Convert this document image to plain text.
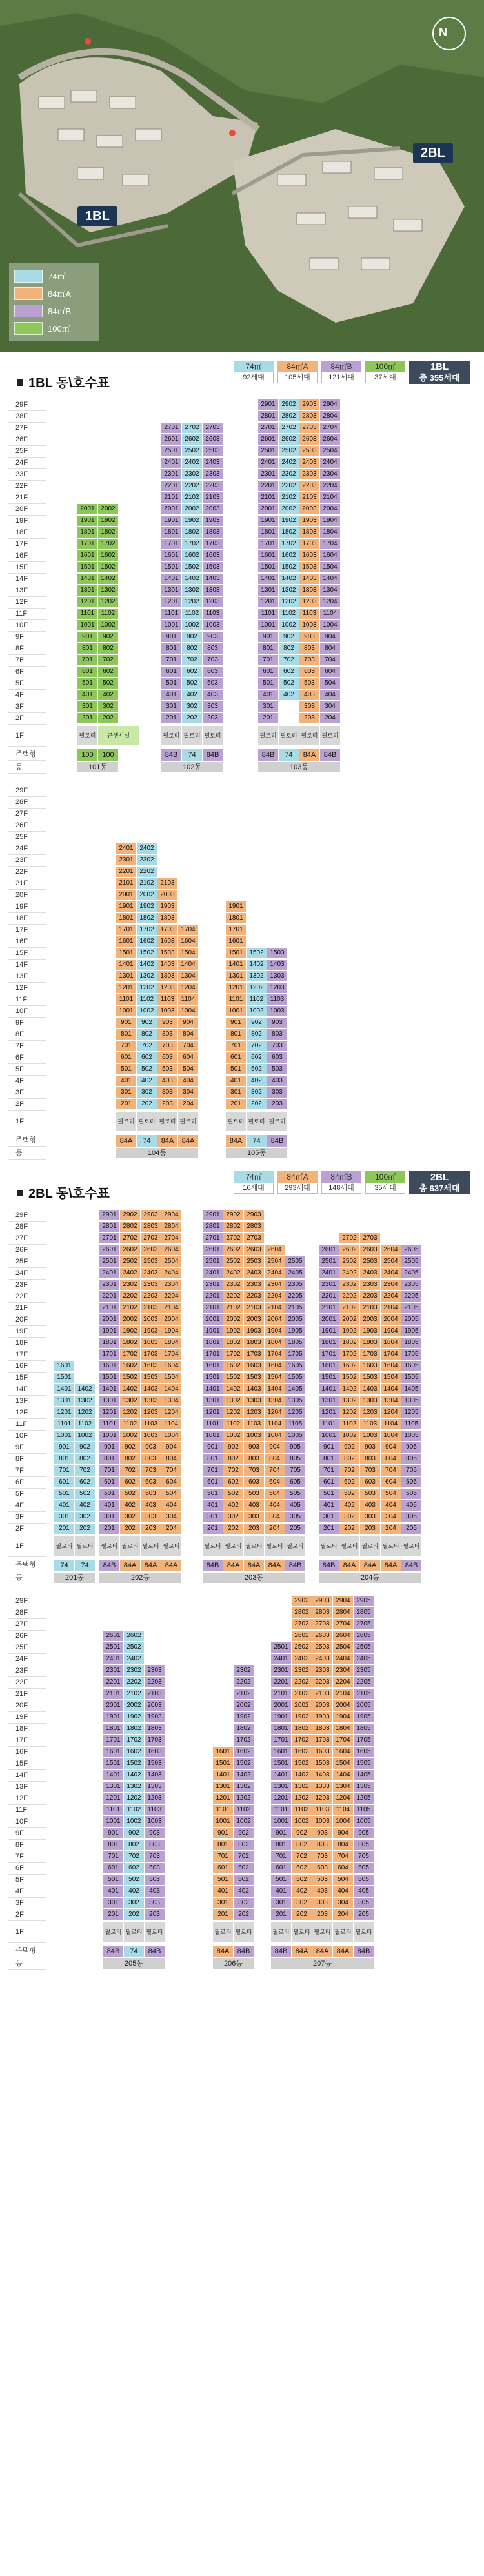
1BL
2BL
N
74㎡
84㎡A
84㎡B
100㎡
1BL 동\호수표
74㎡
92세대
84㎡A
105세대
84㎡B
121세대
100㎡
37세대
1BL
총 355세대
29F
28F
27F
26F
25F
24F
23F
22F
21F
20F
19F
18F
17F
16F
15F
14F
13F
12F
11F
10F
9F
8F
7F
6F
5F
4F
3F
2F
1F
주택형
동
2001
1901
1801
1701
1601
1501
1401
1301
1201
1101
1001
901
801
701
601
501
401
301
201
필로티
100
2002
1902
1802
1702
1602
1502
1402
1302
1202
1102
1002
902
802
702
602
502
402
302
202
근생시설
100
101동
2701
2601
2501
2401
2301
2201
2101
2001
1901
1801
1701
1601
1501
1401
1301
1201
1101
1001
901
801
701
601
501
401
301
201
필로티
84B
2702
2602
2502
2402
2302
2202
2102
2002
1902
1802
1702
1602
1502
1402
1302
1202
1102
1002
902
802
702
602
502
402
302
202
필로티
74
2703
2603
2503
2403
2303
2203
2103
2003
1903
1803
1703
1603
1503
1403
1303
1203
1103
1003
903
803
703
603
503
403
303
203
필로티
84B
102동
2901
2801
2701
2601
2501
2401
2301
2201
2101
2001
1901
1801
1701
1601
1501
1401
1301
1201
1101
1001
901
801
701
601
501
401
301
201
필로티
84B
2902
2802
2702
2602
2502
2402
2302
2202
2102
2002
1902
1802
1702
1602
1502
1402
1302
1202
1102
1002
902
802
702
602
502
402
필로티
74
2903
2803
2703
2603
2503
2403
2303
2203
2103
2003
1903
1803
1703
1603
1503
1403
1303
1203
1103
1003
903
803
703
603
503
403
303
203
필로티
84A
2904
2804
2704
2604
2504
2404
2304
2204
2104
2004
1904
1804
1704
1604
1504
1404
1304
1204
1104
1004
904
804
704
604
504
404
304
204
필로티
84B
103동
29F
28F
27F
26F
25F
24F
23F
22F
21F
20F
19F
18F
17F
16F
15F
14F
13F
12F
11F
10F
9F
8F
7F
6F
5F
4F
3F
2F
1F
주택형
동
2401
2301
2201
2101
2001
1901
1801
1701
1601
1501
1401
1301
1201
1101
1001
901
801
701
601
501
401
301
201
필로티
84A
2402
2302
2202
2102
2002
1902
1802
1702
1602
1502
1402
1302
1202
1102
1002
902
802
702
602
502
402
302
202
필로티
74
2103
2003
1903
1803
1703
1603
1503
1403
1303
1203
1103
1003
903
803
703
603
503
403
303
203
필로티
84A
1704
1604
1504
1404
1304
1204
1104
1004
904
804
704
604
504
404
304
204
필로티
84A
104동
1901
1801
1701
1601
1501
1401
1301
1201
1101
1001
901
801
701
601
501
401
301
201
필로티
84A
1502
1402
1302
1202
1102
1002
902
802
702
602
502
402
302
202
필로티
74
1503
1403
1303
1203
1103
1003
903
803
703
603
503
403
303
203
필로티
84B
105동
2BL 동\호수표
74㎡
16세대
84㎡A
293세대
84㎡B
148세대
100㎡
35세대
2BL
총 637세대
29F
28F
27F
26F
25F
24F
23F
22F
21F
20F
19F
18F
17F
16F
15F
14F
13F
12F
11F
10F
9F
8F
7F
6F
5F
4F
3F
2F
1F
주택형
동
1601
1501
1401
1301
1201
1101
1001
901
801
701
601
501
401
301
201
필로티
74
1402
1302
1202
1102
1002
902
802
702
602
502
402
302
202
필로티
74
201동
2901
2801
2701
2601
2501
2401
2301
2201
2101
2001
1901
1801
1701
1601
1501
1401
1301
1201
1101
1001
901
801
701
601
501
401
301
201
필로티
84B
2902
2802
2702
2602
2502
2402
2302
2202
2102
2002
1902
1802
1702
1602
1502
1402
1302
1202
1102
1002
902
802
702
602
502
402
302
202
필로티
84A
2903
2803
2703
2603
2503
2403
2303
2203
2103
2003
1903
1803
1703
1603
1503
1403
1303
1203
1103
1003
903
803
703
603
503
403
303
203
필로티
84A
2904
2804
2704
2604
2504
2404
2304
2204
2104
2004
1904
1804
1704
1604
1504
1404
1304
1204
1104
1004
904
804
704
604
504
404
304
204
필로티
84A
202동
2901
2801
2701
2601
2501
2401
2301
2201
2101
2001
1901
1801
1701
1601
1501
1401
1301
1201
1101
1001
901
801
701
601
501
401
301
201
필로티
84B
2902
2802
2702
2602
2502
2402
2302
2202
2102
2002
1902
1802
1702
1602
1502
1402
1302
1202
1102
1002
902
802
702
602
502
402
302
202
필로티
84A
2903
2803
2703
2603
2503
2403
2303
2203
2103
2003
1903
1803
1703
1603
1503
1403
1303
1203
1103
1003
903
803
703
603
503
403
303
203
필로티
84A
2604
2504
2404
2304
2204
2104
2004
1904
1804
1704
1604
1504
1404
1304
1204
1104
1004
904
804
704
604
504
404
304
204
필로티
84A
2505
2405
2305
2205
2105
2005
1905
1805
1705
1605
1505
1405
1305
1205
1105
1005
905
805
705
605
505
405
305
205
필로티
84B
203동
2601
2501
2401
2301
2201
2101
2001
1901
1801
1701
1601
1501
1401
1301
1201
1101
1001
901
801
701
601
501
401
301
201
필로티
84B
2702
2602
2502
2402
2302
2202
2102
2002
1902
1802
1702
1602
1502
1402
1302
1202
1102
1002
902
802
702
602
502
402
302
202
필로티
84A
2703
2603
2503
2403
2303
2203
2103
2003
1903
1803
1703
1603
1503
1403
1303
1203
1103
1003
903
803
703
603
503
403
303
203
필로티
84A
2604
2504
2404
2304
2204
2104
2004
1904
1804
1704
1604
1504
1404
1304
1204
1104
1004
904
804
704
604
504
404
304
204
필로티
84A
2605
2505
2405
2305
2205
2105
2005
1905
1805
1705
1605
1505
1405
1305
1205
1105
1005
905
805
705
605
505
405
305
205
필로티
84B
204동
29F
28F
27F
26F
25F
24F
23F
22F
21F
20F
19F
18F
17F
16F
15F
14F
13F
12F
11F
10F
9F
8F
7F
6F
5F
4F
3F
2F
1F
주택형
동
2601
2501
2401
2301
2201
2101
2001
1901
1801
1701
1601
1501
1401
1301
1201
1101
1001
901
801
701
601
501
401
301
201
필로티
84B
2602
2502
2402
2302
2202
2102
2002
1902
1802
1702
1602
1502
1402
1302
1202
1102
1002
902
802
702
602
502
402
302
202
필로티
74
2303
2203
2103
2003
1903
1803
1703
1603
1503
1403
1303
1203
1103
1003
903
803
703
603
503
403
303
203
필로티
84B
205동
1601
1501
1401
1301
1201
1101
1001
901
801
701
601
501
401
301
201
필로티
84A
2302
2202
2102
2002
1902
1802
1702
1602
1502
1402
1302
1202
1102
1002
902
802
702
602
502
402
302
202
필로티
84B
206동
2501
2401
2301
2201
2101
2001
1901
1801
1701
1601
1501
1401
1301
1201
1101
1001
901
801
701
601
501
401
301
201
필로티
84B
2902
2802
2702
2602
2502
2402
2302
2202
2102
2002
1902
1802
1702
1602
1502
1402
1302
1202
1102
1002
902
802
702
602
502
402
302
202
필로티
84A
2903
2803
2703
2603
2503
2403
2303
2203
2103
2003
1903
1803
1703
1603
1503
1403
1303
1203
1103
1003
903
803
703
603
503
403
303
203
필로티
84A
2904
2804
2704
2604
2504
2404
2304
2204
2104
2004
1904
1804
1704
1604
1504
1404
1304
1204
1104
1004
904
804
704
604
504
404
304
204
필로티
84A
2905
2805
2705
2605
2505
2405
2305
2205
2105
2005
1905
1805
1705
1605
1505
1405
1305
1205
1105
1005
905
805
705
605
505
405
305
205
필로티
84B
207동
